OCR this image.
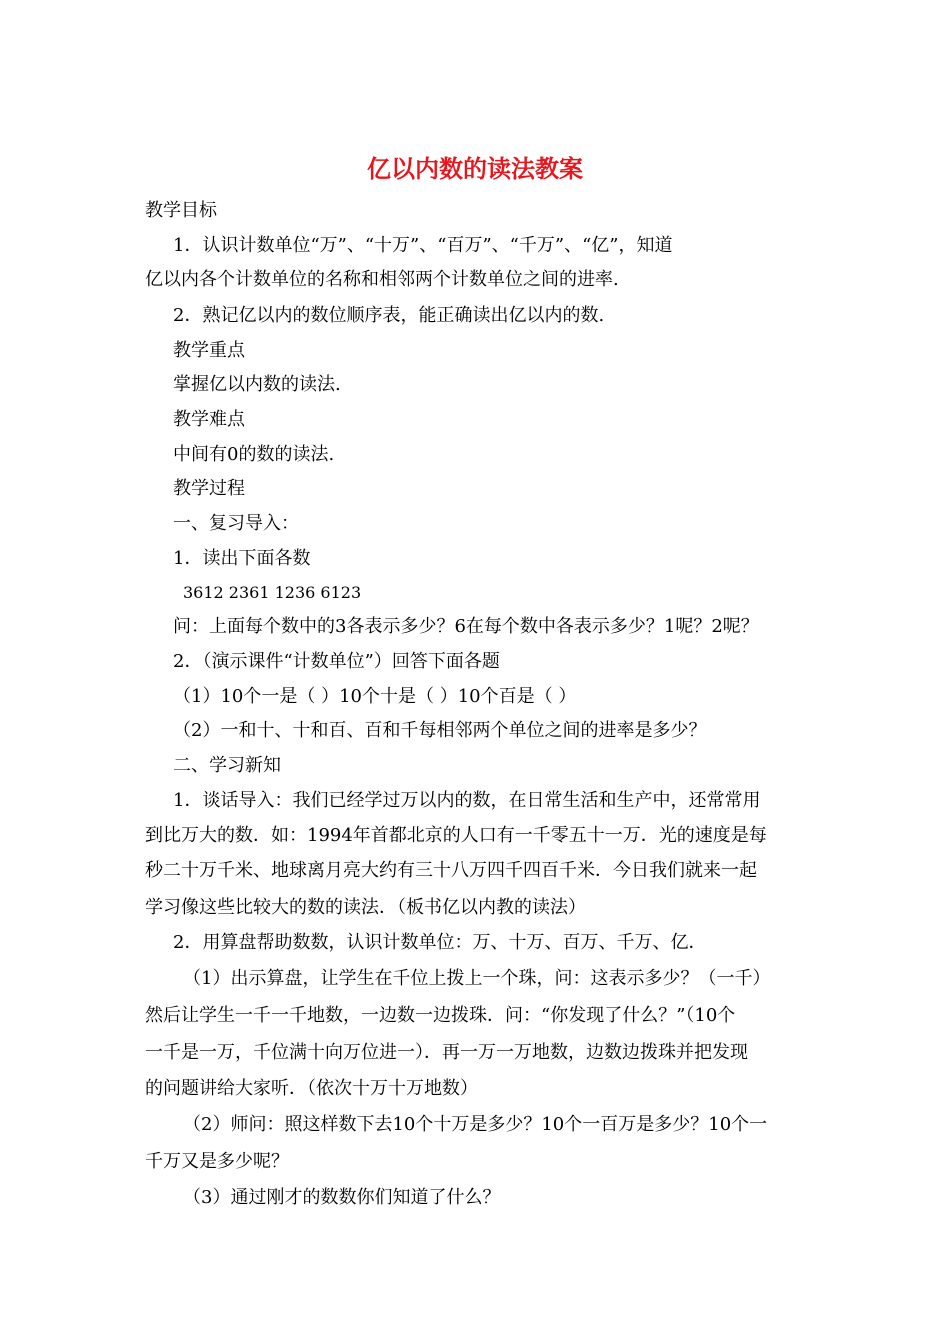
亿以内数的读法教案
教学目标
1．认识计数单位“万”、“十万”、“百万”、“千万”、“亿”，知道
亿以内各个计数单位的名称和相邻两个计数单位之间的进率.
2．熟记亿以内的数位顺序表，能正确读出亿以内的数.
教学重点
掌握亿以内数的读法.
教学难点
中间有0的数的读法.
教学过程
一、复习导入：
1．读出下面各数
3612 2361 1236 6123
问：上面每个数中的3各表示多少？6在每个数中各表示多少？1呢？2呢？
2．（演示课件“计数单位”）回答下面各题
（1）10个一是（ ）10个十是（ ）10个百是（ ）
（2）一和十、十和百、百和千每相邻两个单位之间的进率是多少？
二、学习新知
1．谈话导入：我们已经学过万以内的数，在日常生活和生产中，还常常用
到比万大的数．如：1994年首都北京的人口有一千零五十一万．光的速度是每
秒二十万千米、地球离月亮大约有三十八万四千四百千米．今日我们就来一起
学习像这些比较大的数的读法．（板书亿以内教的读法）
2．用算盘帮助数数，认识计数单位：万、十万、百万、千万、亿．
（1）出示算盘，让学生在千位上拨上一个珠，问：这表示多少？（一千）
然后让学生一千一千地数，一边数一边拨珠．问：“你发现了什么？”（10个
一千是一万，千位满十向万位进一）．再一万一万地数，边数边拨珠并把发现
的问题讲给大家听．（依次十万十万地数）
（2）师问：照这样数下去10个十万是多少？10个一百万是多少？10个一
千万又是多少呢？
（3）通过刚才的数数你们知道了什么？
